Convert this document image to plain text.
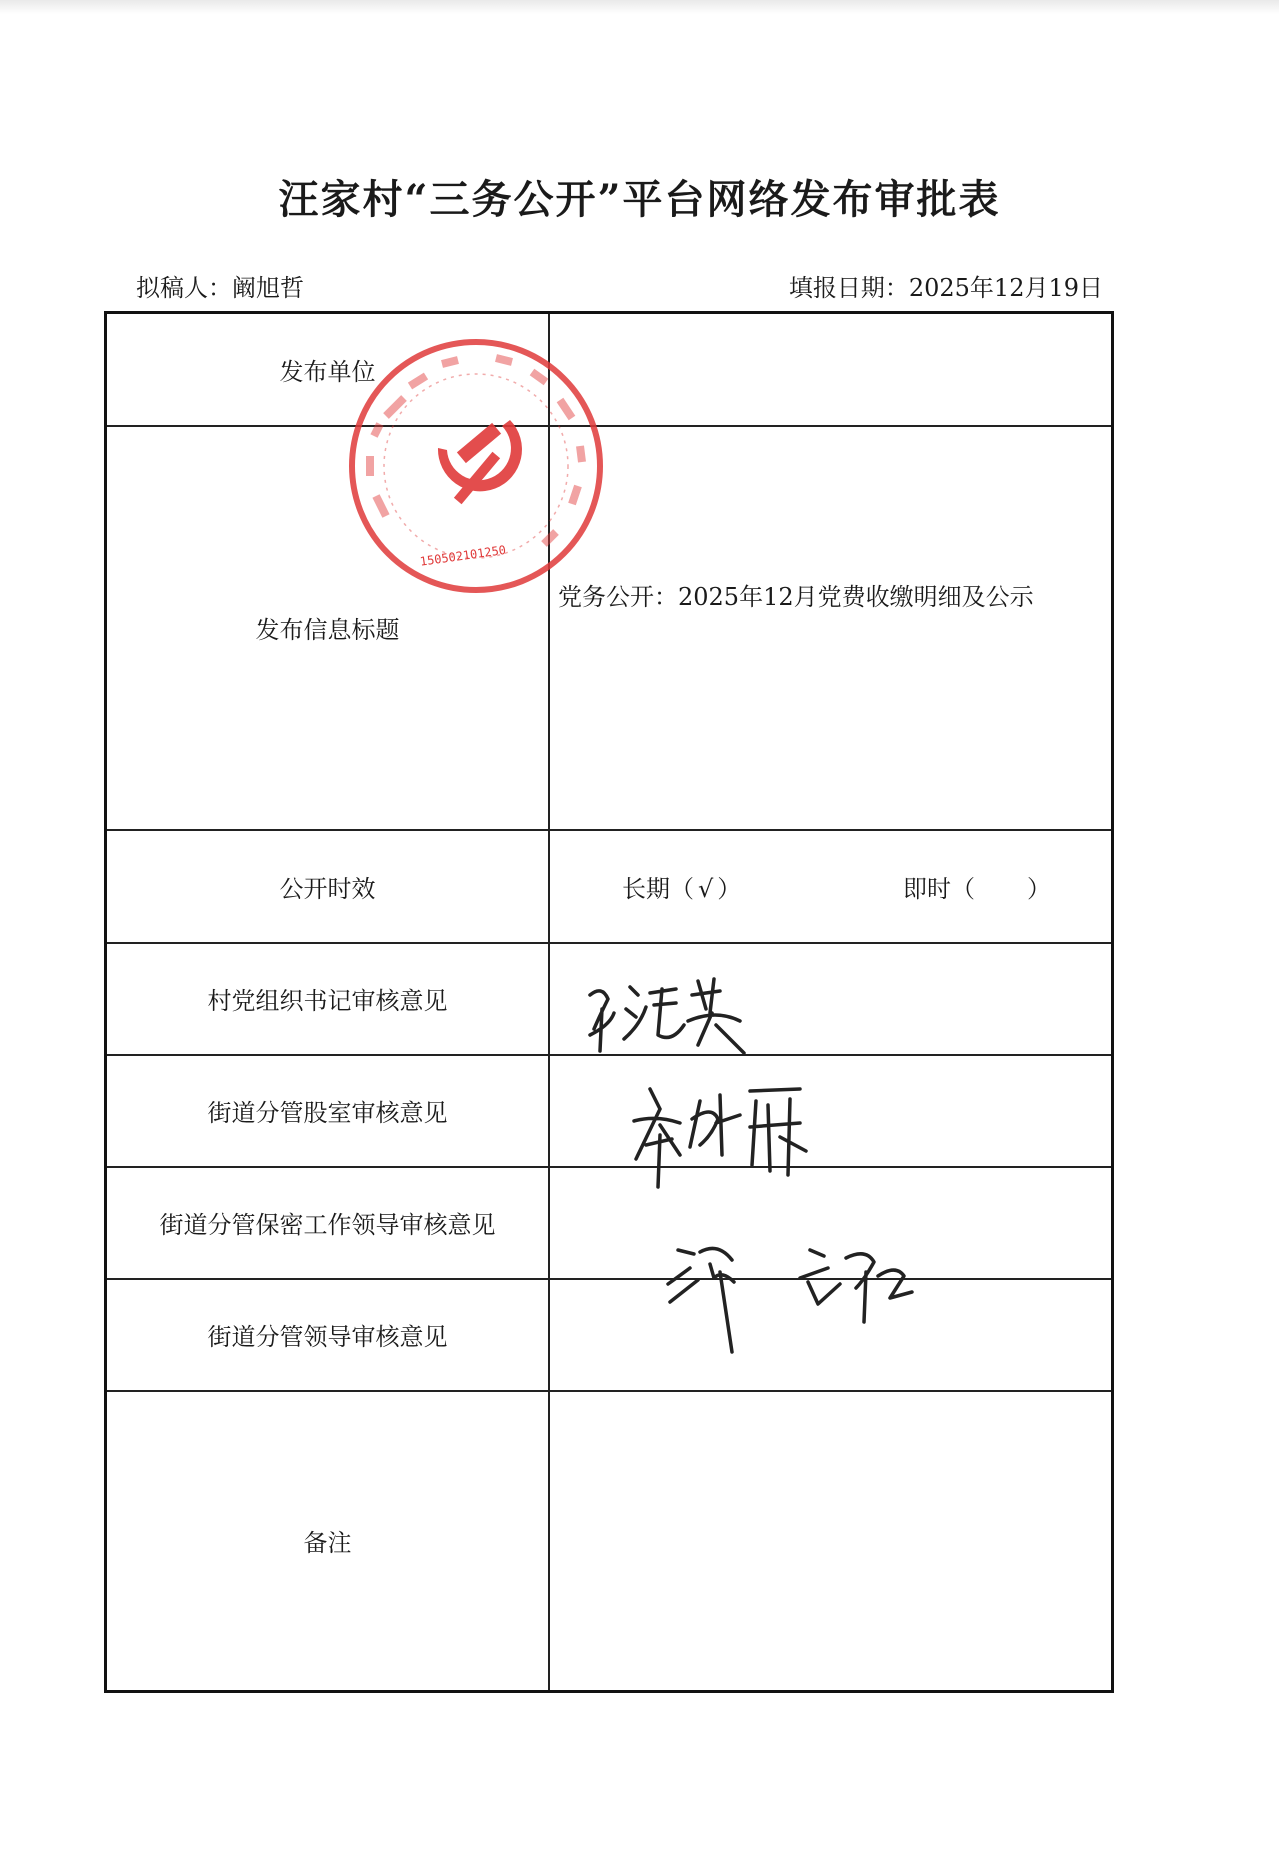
汪家村“三务公开”平台网络发布审批表
拟稿人：阚旭哲	填报日期：2025年12月19日
发布单位	
发布信息标题	党务公开：2025年12月党费收缴明细及公示

公开时效	长期（ √ ） 即时（ ）

村党组织书记审核意见	
街道分管股室审核意见	
街道分管保密工作领导审核意见	
街道分管领导审核意见	
备注	
150502101250
